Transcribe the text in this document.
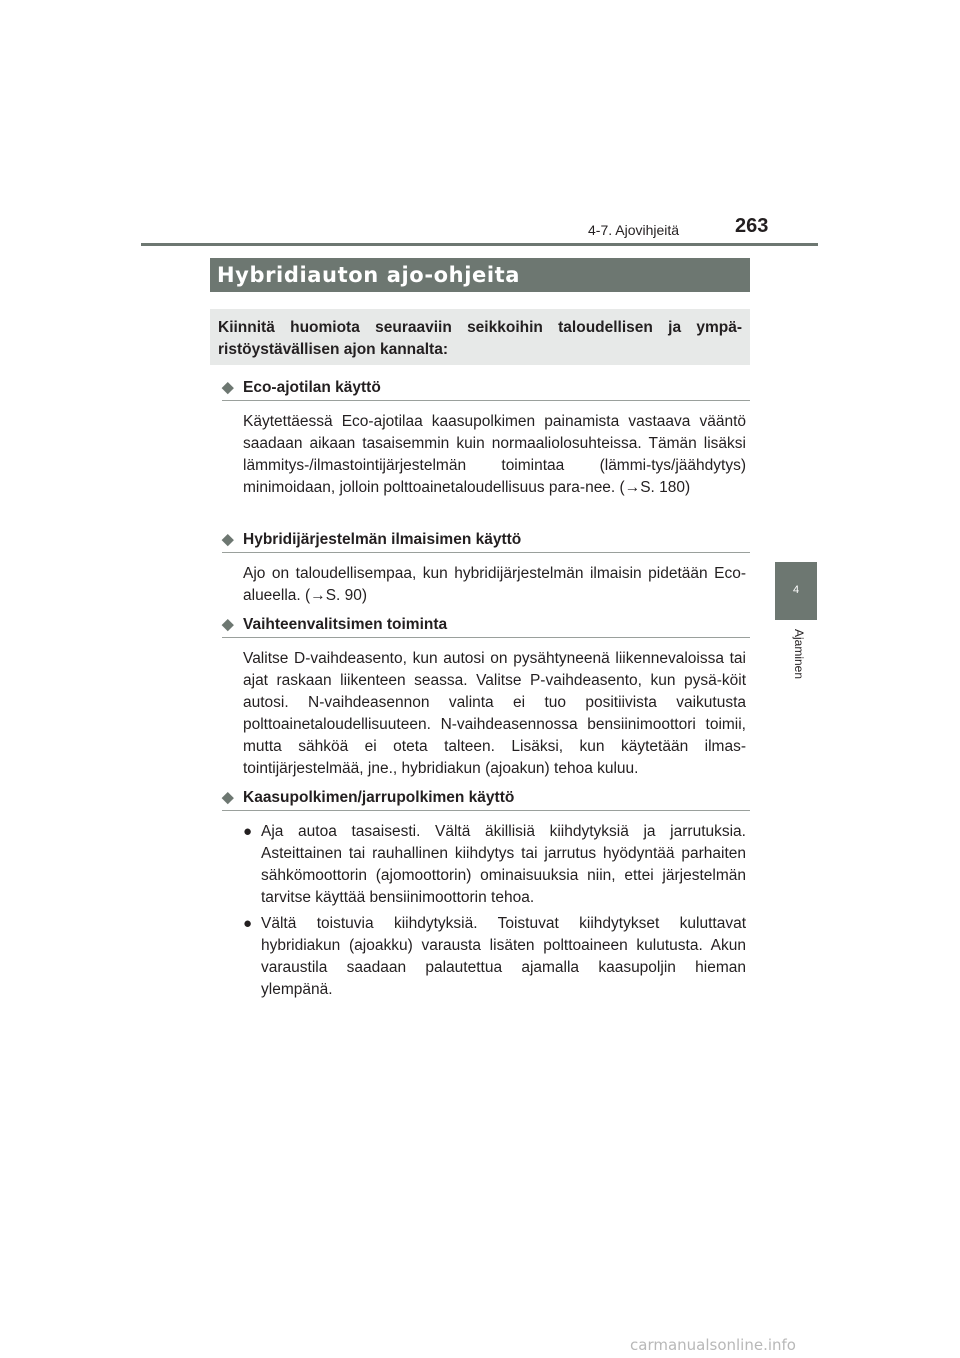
4-7. Ajovihjeitä	263
4
Ajaminen
Hybridiauton ajo-ohjeita
Kiinnitä huomiota seuraaviin seikkoihin taloudellisen ja ympä-ristöystävällisen ajon kannalta:
◆ Eco-ajotilan käyttö
Käytettäessä Eco-ajotilaa kaasupolkimen painamista vastaava vääntö saadaan aikaan tasaisemmin kuin normaaliolosuhteissa. Tämän lisäksi lämmitys-/ilmastointijärjestelmän toimintaa (lämmi-tys/jäähdytys) minimoidaan, jolloin polttoainetaloudellisuus para-nee. (→S. 180)
◆ Hybridijärjestelmän ilmaisimen käyttö
Ajo on taloudellisempaa, kun hybridijärjestelmän ilmaisin pidetään Eco-alueella. (→S. 90)
◆ Vaihteenvalitsimen toiminta
Valitse D-vaihdeasento, kun autosi on pysähtyneenä liikennevaloissa tai ajat raskaan liikenteen seassa. Valitse P-vaihdeasento, kun pysä-köit autosi. N-vaihdeasennon valinta ei tuo positiivista vaikutusta polttoainetaloudellisuuteen. N-vaihdeasennossa bensiinimoottori toimii, mutta sähköä ei oteta talteen. Lisäksi, kun käytetään ilmas-tointijärjestelmää, jne., hybridiakun (ajoakun) tehoa kuluu.
◆ Kaasupolkimen/jarrupolkimen käyttö
● Aja autoa tasaisesti. Vältä äkillisiä kiihdytyksiä ja jarrutuksia. Asteittainen tai rauhallinen kiihdytys tai jarrutus hyödyntää parhaiten sähkömoottorin (ajomoottorin) ominaisuuksia niin, ettei järjestelmän tarvitse käyttää bensiinimoottorin tehoa.
● Vältä toistuvia kiihdytyksiä. Toistuvat kiihdytykset kuluttavat hybridiakun (ajoakku) varausta lisäten polttoaineen kulutusta. Akun varaustila saadaan palautettua ajamalla kaasupoljin hieman ylempänä.
carmanualsonline.info
